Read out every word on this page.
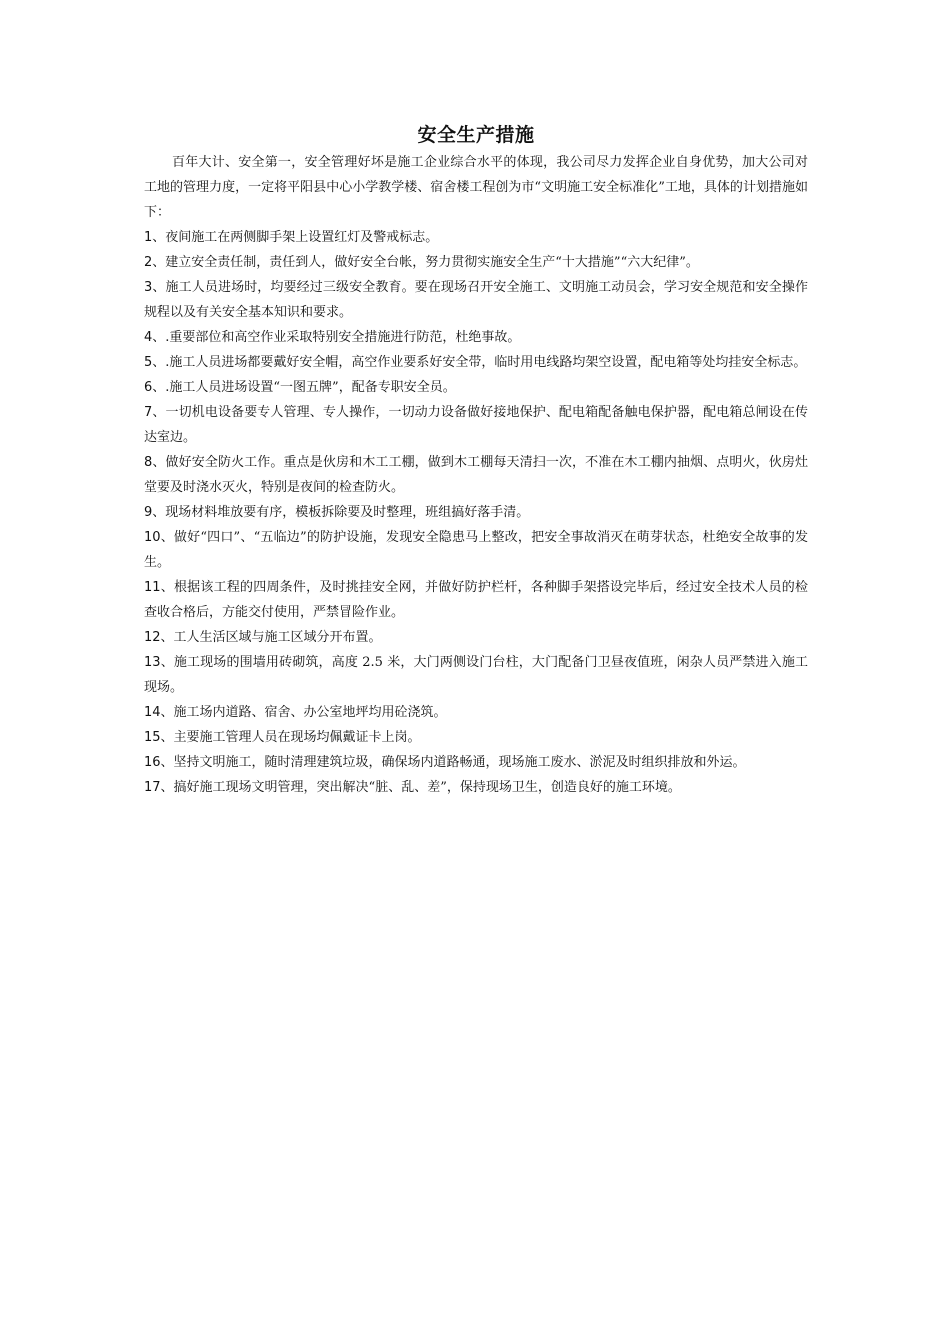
安全生产措施

百年大计、安全第一，安全管理好坏是施工企业综合水平的体现，我公司尽力发挥企业自身优势，加大公司对工地的管理力度，一定将平阳县中心小学教学楼、宿舍楼工程创为市“文明施工安全标准化”工地，具体的计划措施如下：

1、夜间施工在两侧脚手架上设置红灯及警戒标志。

2、建立安全责任制，责任到人，做好安全台帐，努力贯彻实施安全生产“十大措施”“六大纪律”。

3、施工人员进场时，均要经过三级安全教育。要在现场召开安全施工、文明施工动员会，学习安全规范和安全操作规程以及有关安全基本知识和要求。

4、.重要部位和高空作业采取特别安全措施进行防范，杜绝事故。

5、.施工人员进场都要戴好安全帽，高空作业要系好安全带，临时用电线路均架空设置，配电箱等处均挂安全标志。

6、.施工人员进场设置“一图五牌”，配备专职安全员。

7、一切机电设备要专人管理、专人操作，一切动力设备做好接地保护、配电箱配备触电保护器，配电箱总闸设在传达室边。

8、做好安全防火工作。重点是伙房和木工工棚，做到木工棚每天清扫一次，不准在木工棚内抽烟、点明火，伙房灶堂要及时浇水灭火，特别是夜间的检查防火。

9、现场材料堆放要有序，模板拆除要及时整理，班组搞好落手清。

10、做好“四口”、“五临边”的防护设施，发现安全隐患马上整改，把安全事故消灭在萌芽状态，杜绝安全故事的发生。

11、根据该工程的四周条件，及时挑挂安全网，并做好防护栏杆，各种脚手架搭设完毕后，经过安全技术人员的检查收合格后，方能交付使用，严禁冒险作业。

12、工人生活区域与施工区域分开布置。

13、施工现场的围墙用砖砌筑，高度 2.5 米，大门两侧设门台柱，大门配备门卫昼夜值班，闲杂人员严禁进入施工现场。

14、施工场内道路、宿舍、办公室地坪均用砼浇筑。

15、主要施工管理人员在现场均佩戴证卡上岗。

16、坚持文明施工，随时清理建筑垃圾，确保场内道路畅通，现场施工废水、淤泥及时组织排放和外运。

17、搞好施工现场文明管理，突出解决“脏、乱、差”，保持现场卫生，创造良好的施工环境。
